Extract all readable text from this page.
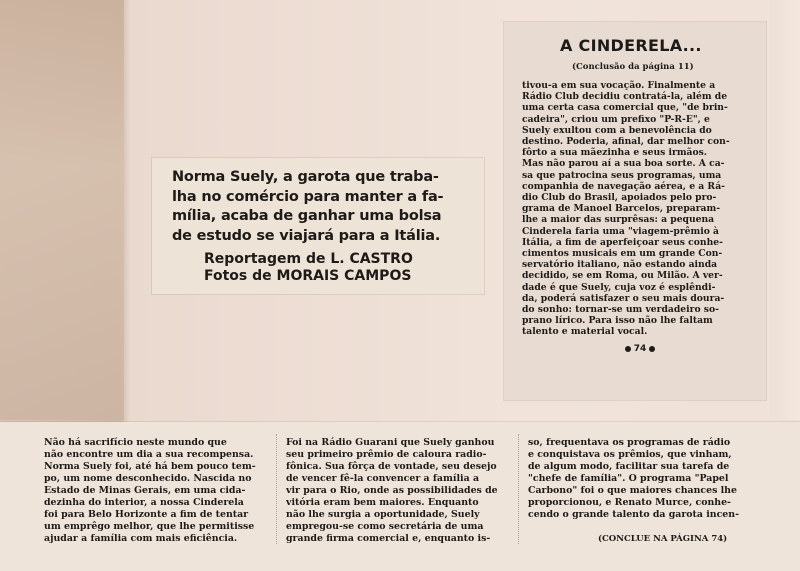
Norma Suely, a garota que traba-
lha no comércio para manter a fa-
mília, acaba de ganhar uma bolsa
de estudo se viajará para a Itália.
Reportagem de L. CASTRO
Fotos de MORAIS CAMPOS
A CINDERELA...
(Conclusão da página 11)
tivou-a em sua vocação. Finalmente a
Rádio Club decidiu contratá-la, além de
uma certa casa comercial que, "de brin-
cadeira", criou um prefixo "P-R-E", e
Suely exultou com a benevolência do
destino. Poderia, afinal, dar melhor con-
fôrto a sua mãezinha e seus irmãos.
Mas não parou aí a sua boa sorte. A ca-
sa que patrocina seus programas, uma
companhia de navegação aérea, e a Rá-
dio Club do Brasil, apoiados pelo pro-
grama de Manoel Barcelos, preparam-
lhe a maior das surprêsas: a pequena
Cinderela faria uma "viagem-prêmio à
Itália, a fim de aperfeiçoar seus conhe-
cimentos musicais em um grande Con-
servatório italiano, não estando ainda
decidido, se em Roma, ou Milão. A ver-
dade é que Suely, cuja voz é esplêndi-
da, poderá satisfazer o seu mais doura-
do sonho: tornar-se um verdadeiro so-
prano lírico. Para isso não lhe faltam
talento e material vocal.
74
Não há sacrifício neste mundo que
não encontre um dia a sua recompensa.
Norma Suely foi, até há bem pouco tem-
po, um nome desconhecido. Nascida no
Estado de Minas Gerais, em uma cida-
dezinha do interior, a nossa Cinderela
foi para Belo Horizonte a fim de tentar
um emprêgo melhor, que lhe permitisse
ajudar a família com mais eficiência.
Foi na Rádio Guarani que Suely ganhou
seu primeiro prêmio de caloura radio-
fônica. Sua fôrça de vontade, seu desejo
de vencer fê-la convencer a família a
vir para o Rio, onde as possibilidades de
vitória eram bem maiores. Enquanto
não lhe surgia a oportunidade, Suely
empregou-se como secretária de uma
grande firma comercial e, enquanto is-
so, frequentava os programas de rádio
e conquistava os prêmios, que vinham,
de algum modo, facilitar sua tarefa de
"chefe de família". O programa "Papel
Carbono" foi o que maiores chances lhe
proporcionou, e Renato Murce, conhe-
cendo o grande talento da garota incen-
(CONCLUE NA PÁGINA 74)
